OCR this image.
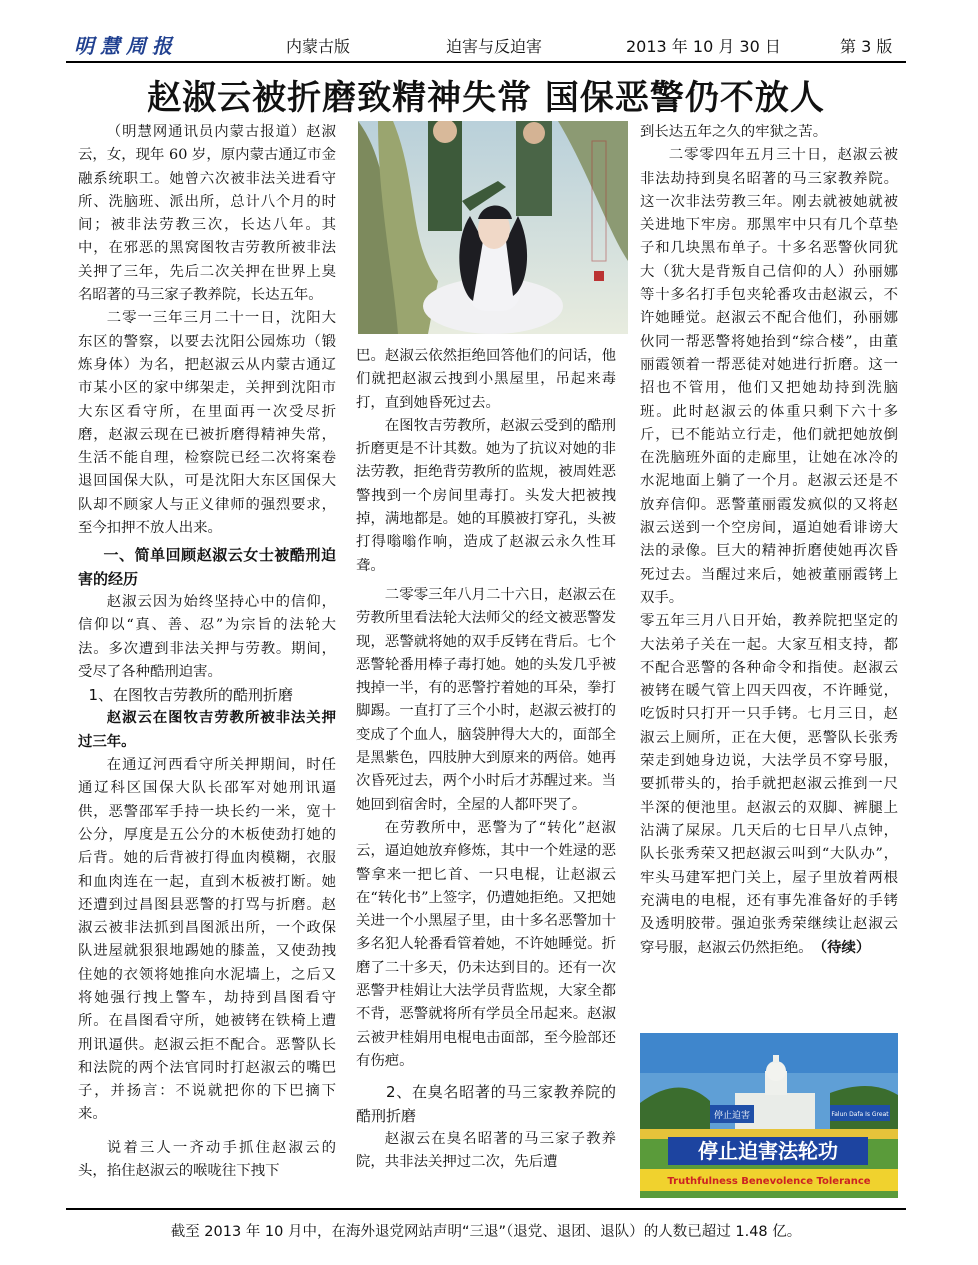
明慧周报	内蒙古版	迫害与反迫害	2013 年 10 月 30 日	第 3 版
赵淑云被折磨致精神失常 国保恶警仍不放人

（明慧网通讯员内蒙古报道）赵淑云，女，现年 60 岁，原内蒙古通辽市金融系统职工。她曾六次被非法关进看守所、洗脑班、派出所，总计八个月的时间；被非法劳教三次，长达八年。其中，在邪恶的黑窝图牧吉劳教所被非法关押了三年，先后二次关押在世界上臭名昭著的马三家子教养院，长达五年。

二零一三年三月二十一日，沈阳大东区的警察，以要去沈阳公园炼功（锻炼身体）为名，把赵淑云从内蒙古通辽市某小区的家中绑架走，关押到沈阳市大东区看守所，在里面再一次受尽折磨，赵淑云现在已被折磨得精神失常，生活不能自理，检察院已经二次将案卷退回国保大队，可是沈阳大东区国保大队却不顾家人与正义律师的强烈要求，至今扣押不放人出来。

一、简单回顾赵淑云女士被酷刑迫害的经历

赵淑云因为始终坚持心中的信仰，信仰以“真、善、忍”为宗旨的法轮大法。多次遭到非法关押与劳教。期间，受尽了各种酷刑迫害。

1、在图牧吉劳教所的酷刑折磨

赵淑云在图牧吉劳教所被非法关押过三年。

在通辽河西看守所关押期间，时任通辽科区国保大队长邵军对她刑讯逼供，恶警邵军手持一块长约一米，宽十公分，厚度是五公分的木板使劲打她的后背。她的后背被打得血肉模糊，衣服和血肉连在一起，直到木板被打断。她还遭到过昌图县恶警的打骂与折磨。赵淑云被非法抓到昌图派出所，一个政保队进屋就狠狠地踢她的膝盖，又使劲拽住她的衣领将她推向水泥墙上，之后又将她强行拽上警车，劫持到昌图看守所。在昌图看守所，她被铐在铁椅上遭刑讯逼供。赵淑云拒不配合。恶警队长和法院的两个法官同时打赵淑云的嘴巴子，并扬言：不说就把你的下巴摘下来。

说着三人一齐动手抓住赵淑云的头，掐住赵淑云的喉咙往下拽下

巴。赵淑云依然拒绝回答他们的问话，他们就把赵淑云拽到小黑屋里，吊起来毒打，直到她昏死过去。

在图牧吉劳教所，赵淑云受到的酷刑折磨更是不计其数。她为了抗议对她的非法劳教，拒绝背劳教所的监规，被周姓恶警拽到一个房间里毒打。头发大把被拽掉，满地都是。她的耳膜被打穿孔，头被打得嗡嗡作响，造成了赵淑云永久性耳聋。

二零零三年八月二十六日，赵淑云在劳教所里看法轮大法师父的经文被恶警发现，恶警就将她的双手反铐在背后。七个恶警轮番用棒子毒打她。她的头发几乎被拽掉一半，有的恶警拧着她的耳朵，拳打脚踢。一直打了三个小时，赵淑云被打的变成了个血人，脑袋肿得大大的，面部全是黑紫色，四肢肿大到原来的两倍。她再次昏死过去，两个小时后才苏醒过来。当她回到宿舍时，全屋的人都吓哭了。

在劳教所中，恶警为了“转化”赵淑云，逼迫她放弃修炼，其中一个姓逯的恶警拿来一把匕首、一只电棍，让赵淑云在“转化书”上签字，仍遭她拒绝。又把她关进一个小黑屋子里，由十多名恶警加十多名犯人轮番看管着她，不许她睡觉。折磨了二十多天，仍未达到目的。还有一次恶警尹桂娟让大法学员背监规，大家全都不背，恶警就将所有学员全吊起来。赵淑云被尹桂娟用电棍电击面部，至今脸部还有伤疤。

2、在臭名昭著的马三家教养院的酷刑折磨

赵淑云在臭名昭著的马三家子教养院，共非法关押过二次，先后遭

到长达五年之久的牢狱之苦。

二零零四年五月三十日，赵淑云被非法劫持到臭名昭著的马三家教养院。这一次非法劳教三年。刚去就被她就被关进地下牢房。那黑牢中只有几个草垫子和几块黑布单子。十多名恶警伙同犹大（犹大是背叛自己信仰的人）孙丽娜等十多名打手包夹轮番攻击赵淑云，不许她睡觉。赵淑云不配合他们，孙丽娜伙同一帮恶警将她抬到“综合楼”，由董丽霞领着一帮恶徒对她进行折磨。这一招也不管用，他们又把她劫持到洗脑班。此时赵淑云的体重只剩下六十多斤，已不能站立行走，他们就把她放倒在洗脑班外面的走廊里，让她在冰冷的水泥地面上躺了一个月。赵淑云还是不放弃信仰。恶警董丽霞发疯似的又将赵淑云送到一个空房间，逼迫她看诽谤大法的录像。巨大的精神折磨使她再次昏死过去。当醒过来后，她被董丽霞铐上双手。

零五年三月八日开始，教养院把坚定的大法弟子关在一起。大家互相支持，都不配合恶警的各种命令和指使。赵淑云被铐在暖气管上四天四夜，不许睡觉，吃饭时只打开一只手铐。七月三日，赵淑云上厕所，正在大便，恶警队长张秀荣走到她身边说，大法学员不穿号服，要抓带头的，抬手就把赵淑云推到一尺半深的便池里。赵淑云的双脚、裤腿上沾满了屎尿。几天后的七日早八点钟，队长张秀荣又把赵淑云叫到“大队办”，牢头马建军把门关上，屋子里放着两根充满电的电棍，还有事先准备好的手铐及透明胶带。强迫张秀荣继续让赵淑云穿号服，赵淑云仍然拒绝。

（待续）
停止迫害	Falun Dafa Is Great
停止迫害法轮功
Truthfulness Benevolence Tolerance
截至 2013 年 10 月中，在海外退党网站声明“三退”（退党、退团、退队）的人数已超过 1.48 亿。
